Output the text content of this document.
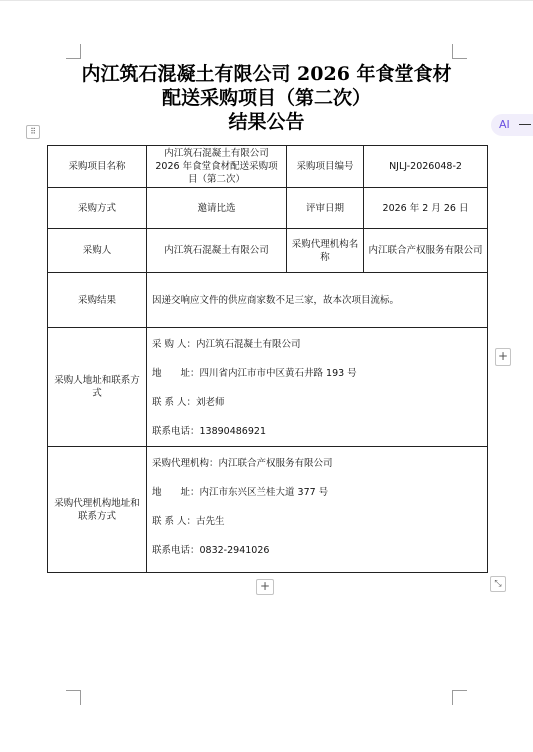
内江筑石混凝土有限公司 2026 年食堂食材
配送采购项目（第二次）
结果公告
⠿
AI
采购项目名称	内江筑石混凝土有限公司 2026 年食堂食材配送采购项目（第二次）	采购项目编号	NJLJ-2026048-2
采购方式	邀请比选	评审日期	2026 年 2 月 26 日
采购人	内江筑石混凝土有限公司	采购代理机构名称	内江联合产权服务有限公司
采购结果	因递交响应文件的供应商家数不足三家，故本次项目流标。		
采购人地址和联系方式	采 购 人：内江筑石混凝土有限公司

地　　址：四川省内江市市中区黄石井路 193 号

联 系 人：刘老师

联系电话：13890486921		

采购代理机构地址和联系方式	采购代理机构：内江联合产权服务有限公司

地　　址：内江市东兴区兰桂大道 377 号

联 系 人：古先生

联系电话：0832-2941026		

+
+	⤡
